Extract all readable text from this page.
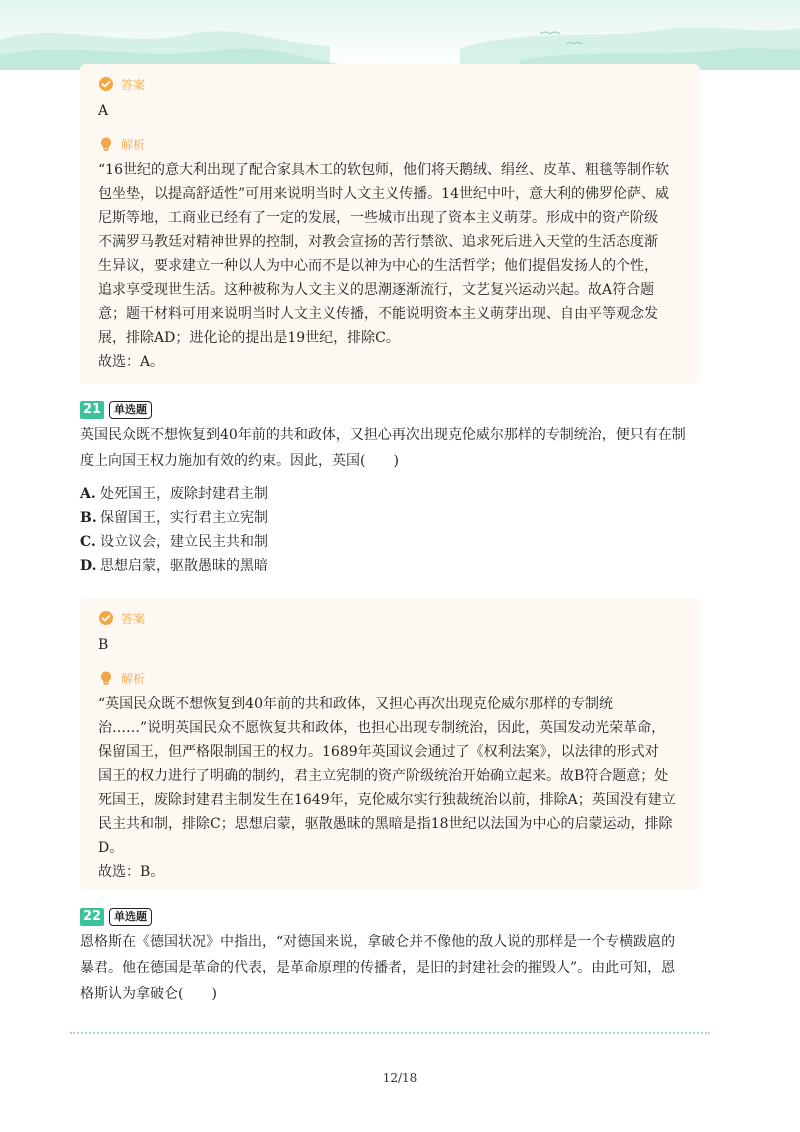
答案
A
解析
“16世纪的意大利出现了配合家具木工的软包师，他们将天鹅绒、绢丝、皮革、粗毯等制作软
包坐垫，以提高舒适性”可用来说明当时人文主义传播。14世纪中叶，意大利的佛罗伦萨、威
尼斯等地，工商业已经有了一定的发展，一些城市出现了资本主义萌芽。形成中的资产阶级
不满罗马教廷对精神世界的控制，对教会宣扬的苦行禁欲、追求死后进入天堂的生活态度渐
生异议，要求建立一种以人为中心而不是以神为中心的生活哲学；他们提倡发扬人的个性，
追求享受现世生活。这种被称为人文主义的思潮逐渐流行，文艺复兴运动兴起。故A符合题
意；题干材料可用来说明当时人文主义传播，不能说明资本主义萌芽出现、自由平等观念发
展，排除AD；进化论的提出是19世纪，排除C。
故选：A。
21	单选题
英国民众既不想恢复到40年前的共和政体，又担心再次出现克伦威尔那样的专制统治，便只有在制
度上向国王权力施加有效的约束。因此，英国(　　)
A. 处死国王，废除封建君主制
B. 保留国王，实行君主立宪制
C. 设立议会，建立民主共和制
D. 思想启蒙，驱散愚昧的黑暗
答案
B
解析
“英国民众既不想恢复到40年前的共和政体，又担心再次出现克伦威尔那样的专制统
治……”说明英国民众不愿恢复共和政体，也担心出现专制统治，因此，英国发动光荣革命，
保留国王，但严格限制国王的权力。1689年英国议会通过了《权利法案》，以法律的形式对
国王的权力进行了明确的制约，君主立宪制的资产阶级统治开始确立起来。故B符合题意；处
死国王，废除封建君主制发生在1649年，克伦威尔实行独裁统治以前，排除A；英国没有建立
民主共和制，排除C；思想启蒙，驱散愚昧的黑暗是指18世纪以法国为中心的启蒙运动，排除
D。
故选：B。
22	单选题
恩格斯在《德国状况》中指出，“对德国来说，拿破仑并不像他的敌人说的那样是一个专横跋扈的
暴君。他在德国是革命的代表，是革命原理的传播者，是旧的封建社会的摧毁人”。由此可知，恩
格斯认为拿破仑(　　)
12/18
